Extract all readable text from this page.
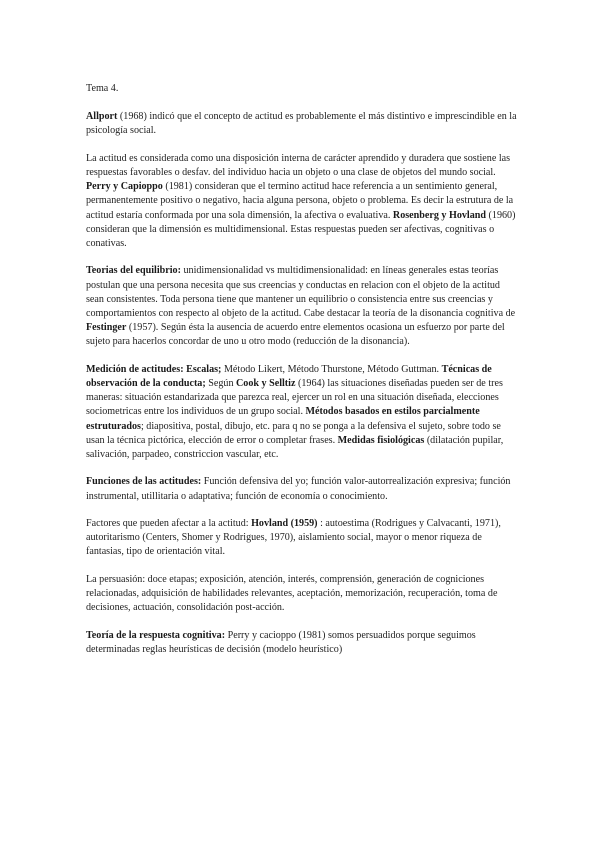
Tema 4.

Allport (1968) indicó que el concepto de actitud es probablemente el más distintivo e imprescindible en la psicología social.

La actitud es considerada como una disposición interna de carácter aprendido y duradera que sostiene las respuestas favorables o desfav. del individuo hacia un objeto o una clase de objetos del mundo social. Perry y Capioppo (1981) consideran que el termino actitud hace referencia a un sentimiento general, permanentemente positivo o negativo, hacia alguna persona, objeto o problema. Es decir la estrutura de la actitud estaría conformada por una sola dimensión, la afectiva o evaluativa. Rosenberg y Hovland (1960) consideran que la dimensión es multidimensional. Estas respuestas pueden ser afectivas, cognitivas o conativas.

Teorias del equilibrio: unidimensionalidad vs multidimensionalidad: en líneas generales estas teorías postulan que una persona necesita que sus creencias y conductas en relacion con el objeto de la actitud sean consistentes. Toda persona tiene que mantener un equilibrio o consistencia entre sus creencias y comportamientos con respecto al objeto de la actitud. Cabe destacar la teoría de la disonancia cognitiva de Festinger (1957). Según ésta la ausencia de acuerdo entre elementos ocasiona un esfuerzo por parte del sujeto para hacerlos concordar de uno u otro modo (reducción de la disonancia).

Medición de actitudes: Escalas; Método Likert, Método Thurstone, Método Guttman. Técnicas de observación de la conducta; Según Cook y Selltiz (1964) las situaciones diseñadas pueden ser de tres maneras: situación estandarizada que parezca real, ejercer un rol en una situación diseñada, elecciones sociometricas entre los individuos de un grupo social. Métodos basados en estilos parcialmente estruturados; diapositiva, postal, dibujo, etc. para q no se ponga a la defensiva el sujeto, sobre todo se usan la técnica pictórica, elección de error o completar frases. Medidas fisiológicas (dilatación pupilar, salivación, parpadeo, constriccion vascular, etc.

Funciones de las actitudes: Función defensiva del yo; función valor-autorrealización expresiva; función instrumental, utillitaria o adaptativa; función de economía o conocimiento.

Factores que pueden afectar a la actitud: Hovland (1959) : autoestima (Rodrigues y Calvacanti, 1971), autoritarismo (Centers, Shomer y Rodrigues, 1970), aislamiento social, mayor o menor riqueza de fantasias, tipo de orientación vital.

La persuasión: doce etapas; exposición, atención, interés, comprensión, generación de cogniciones relacionadas, adquisición de habilidades relevantes, aceptación, memorización, recuperación, toma de decisiones, actuación, consolidación post-acción.

Teoría de la respuesta cognitiva: Perry y cacioppo (1981) somos persuadidos porque seguimos determinadas reglas heurísticas de decisión (modelo heurístico)
